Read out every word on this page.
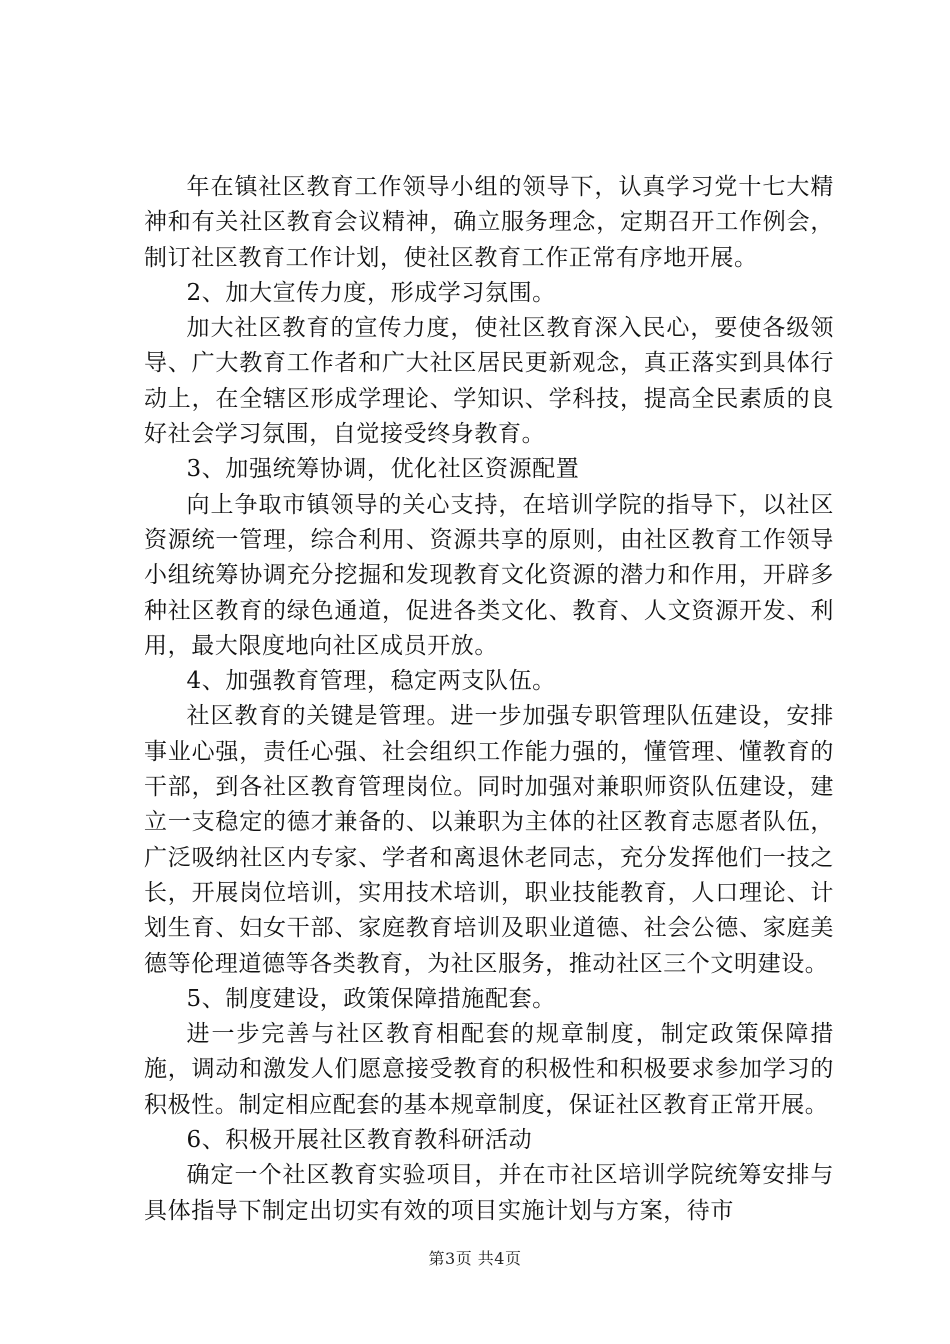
年在镇社区教育工作领导小组的领导下，认真学习党十七大精神和有关社区教育会议精神，确立服务理念，定期召开工作例会，制订社区教育工作计划，使社区教育工作正常有序地开展。

2、加大宣传力度，形成学习氛围。

加大社区教育的宣传力度，使社区教育深入民心，要使各级领导、广大教育工作者和广大社区居民更新观念，真正落实到具体行动上，在全辖区形成学理论、学知识、学科技，提高全民素质的良好社会学习氛围，自觉接受终身教育。

3、加强统筹协调，优化社区资源配置

向上争取市镇领导的关心支持，在培训学院的指导下，以社区资源统一管理，综合利用、资源共享的原则，由社区教育工作领导小组统筹协调充分挖掘和发现教育文化资源的潜力和作用，开辟多种社区教育的绿色通道，促进各类文化、教育、人文资源开发、利用，最大限度地向社区成员开放。

4、加强教育管理，稳定两支队伍。

社区教育的关键是管理。进一步加强专职管理队伍建设，安排事业心强，责任心强、社会组织工作能力强的，懂管理、懂教育的干部，到各社区教育管理岗位。同时加强对兼职师资队伍建设，建立一支稳定的德才兼备的、以兼职为主体的社区教育志愿者队伍，广泛吸纳社区内专家、学者和离退休老同志，充分发挥他们一技之长，开展岗位培训，实用技术培训，职业技能教育，人口理论、计划生育、妇女干部、家庭教育培训及职业道德、社会公德、家庭美德等伦理道德等各类教育，为社区服务，推动社区三个文明建设。

5、制度建设，政策保障措施配套。

进一步完善与社区教育相配套的规章制度，制定政策保障措施，调动和激发人们愿意接受教育的积极性和积极要求参加学习的积极性。制定相应配套的基本规章制度，保证社区教育正常开展。

6、积极开展社区教育教科研活动

确定一个社区教育实验项目，并在市社区培训学院统筹安排与具体指导下制定出切实有效的项目实施计划与方案，待市

第3页 共4页
